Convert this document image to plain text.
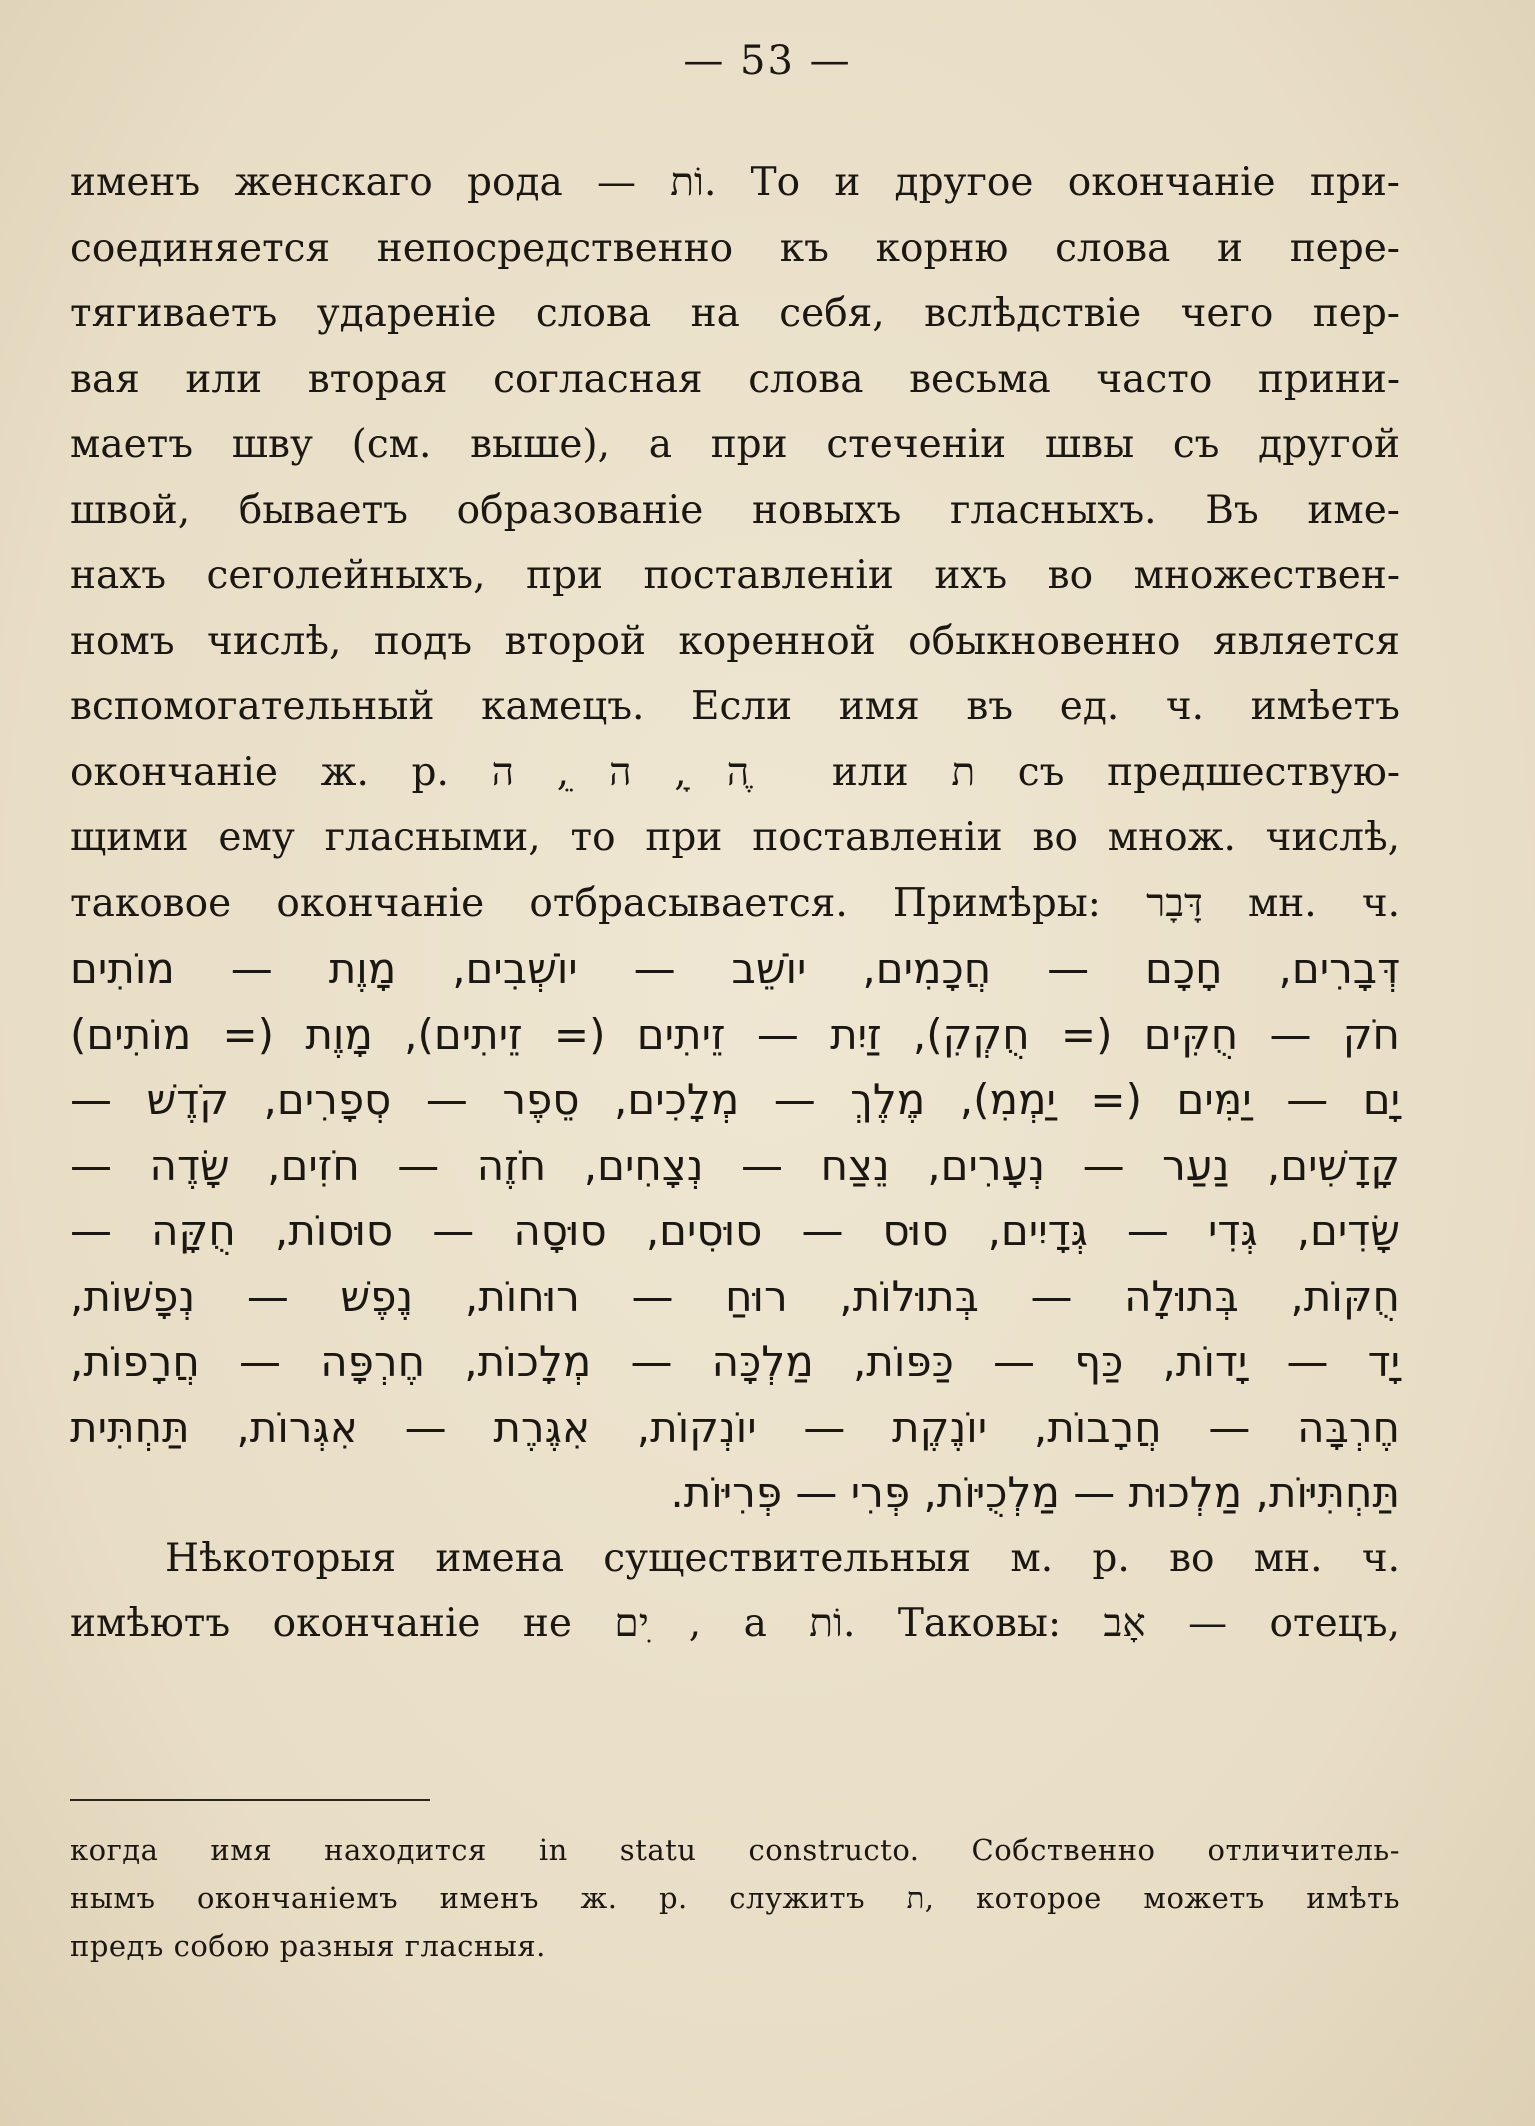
— 53 —
именъ женскаго рода — וֹת. То и другое окончаніе при-
соединяется непосредственно къ корню слова и пере-
тягиваетъ удареніе слова на себя, вслѣдствіе чего пер-
вая или вторая согласная слова весьма часто прини-
маетъ шву (см. выше), а при стеченіи швы съ другой
швой, бываетъ образованіе новыхъ гласныхъ. Въ име-
нахъ сеголейныхъ, при поставленіи ихъ во множествен-
номъ числѣ, подъ второй коренной обыкновенно является
вспомогательный камецъ. Если имя въ ед. ч. имѣетъ
окончаніе ж. р. ה ָ, ה ֵ, ה ֶ или ת съ предшествую-
щими ему гласными, то при поставленіи во множ. числѣ,
таковое окончаніе отбрасывается. Примѣры: דָּבָר мн. ч.
דְּבָרִים, חָכָם — חֲכָמִים, יוֹשֵׁב — יוֹשְׁבִים, מָוֶת — מוֹתִים
חֹק — חֻקִּים (= חֻקְקִ), זַיִת — זֵיתִים (= זֵיתִים), מָוֶת (= מוֹתִים)
יָם — יַמִּים (= יַמְמִ), מֶלֶךְ — מְלָכִים, סֵפֶר — סְפָרִים, קֹדֶשׁ —
קָדָשִׁים, נַעַר — נְעָרִים, נֵצַח — נְצָחִים, חֹזֶה — חֹזִים, שָׂדֶה —
שָׂדִים, גְּדִי — גְּדָיִים, סוּס — סוּסִים, סוּסָה — סוּסוֹת, חֻקָּה —
חֻקּוֹת, בְּתוּלָה — בְּתוּלוֹת, רוּחַ — רוּחוֹת, נֶפֶשׁ — נְפָשׁוֹת,
יָד — יָדוֹת, כַּף — כַּפּוֹת, מַלְכָּה — מְלָכוֹת, חֶרְפָּה — חֲרָפוֹת,
חֶרְבָּה — חֲרָבוֹת, יוֹנֶקֶת — יוֹנְקוֹת, אִגֶּרֶת — אִגְּרוֹת, תַּחְתִּית
תַּחְתִּיּוֹת, מַלְכוּת — מַלְכֻיּוֹת, פְּרִי — פְּרִיּוֹת.
Нѣкоторыя имена существительныя м. р. во мн. ч.
имѣютъ окончаніе не ים ִ, а וֹת. Таковы: אָב — отецъ,
когда имя находится in statu constructo. Собственно отличитель-
нымъ окончаніемъ именъ ж. р. служитъ ת, которое можетъ имѣть
предъ собою разныя гласныя.
